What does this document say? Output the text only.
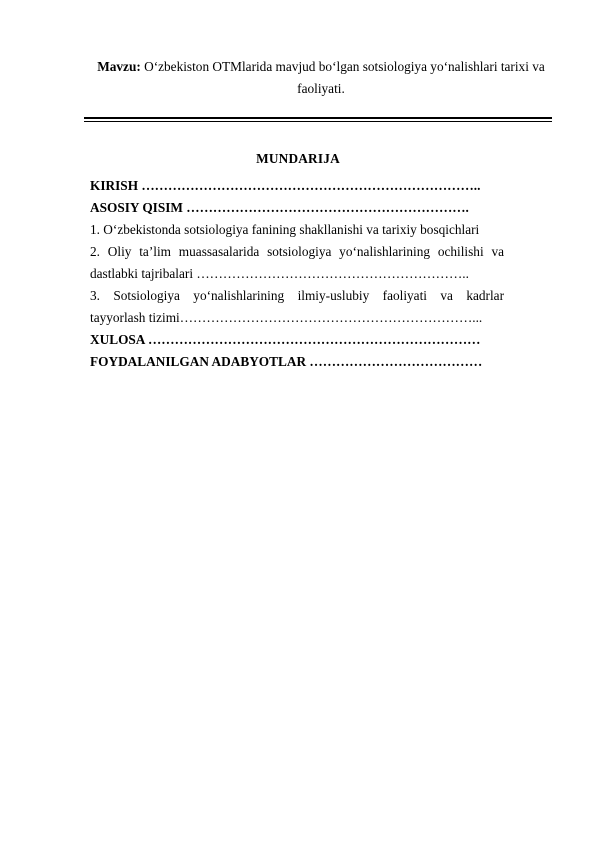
Mavzu: O‘zbekiston OTMlarida mavjud bo‘lgan sotsiologiya yo‘nalishlari tarixi va faoliyati.
MUNDARIJA
KIRISH …………………………………………………………………..
ASOSIY QISIM ……………………………………………………….
1. O‘zbekistonda sotsiologiya fanining shakllanishi va tarixiy bosqichlari
2. Oliy ta’lim muassasalarida sotsiologiya yo‘nalishlarining ochilishi va
dastlabki tajribalari ……………………………………………………..
3. Sotsiologiya yo‘nalishlarining ilmiy-uslubiy faoliyati va kadrlar
tayyorlash tizimi…………………………………………………………...
XULOSA …………………………………………………………………
FOYDALANILGAN ADABYOTLAR …………………………………
